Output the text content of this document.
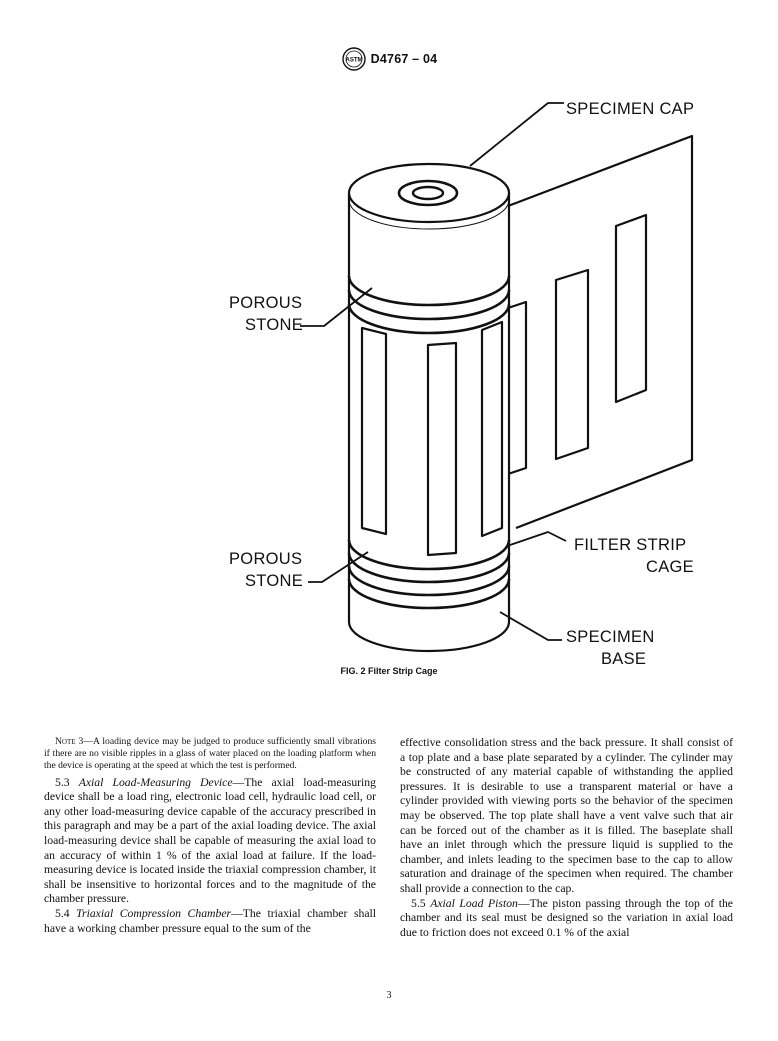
ASTM D4767 – 04
SPECIMEN CAP
POROUS
STONE
POROUS
STONE
FILTER STRIP
CAGE
SPECIMEN
BASE
FIG. 2 Filter Strip Cage

Note 3—A loading device may be judged to produce sufficiently small vibrations if there are no visible ripples in a glass of water placed on the loading platform when the device is operating at the speed at which the test is performed.

5.3 Axial Load-Measuring Device—The axial load-measuring device shall be a load ring, electronic load cell, hydraulic load cell, or any other load-measuring device capable of the accuracy prescribed in this paragraph and may be a part of the axial loading device. The axial load-measuring device shall be capable of measuring the axial load to an accuracy of within 1 % of the axial load at failure. If the load-measuring device is located inside the triaxial compression chamber, it shall be insensitive to horizontal forces and to the magnitude of the chamber pressure.

5.4 Triaxial Compression Chamber—The triaxial chamber shall have a working chamber pressure equal to the sum of the

effective consolidation stress and the back pressure. It shall consist of a top plate and a base plate separated by a cylinder. The cylinder may be constructed of any material capable of withstanding the applied pressures. It is desirable to use a transparent material or have a cylinder provided with viewing ports so the behavior of the specimen may be observed. The top plate shall have a vent valve such that air can be forced out of the chamber as it is filled. The baseplate shall have an inlet through which the pressure liquid is supplied to the chamber, and inlets leading to the specimen base to the cap to allow saturation and drainage of the specimen when required. The chamber shall provide a connection to the cap.

5.5 Axial Load Piston—The piston passing through the top of the chamber and its seal must be designed so the variation in axial load due to friction does not exceed 0.1 % of the axial

3
